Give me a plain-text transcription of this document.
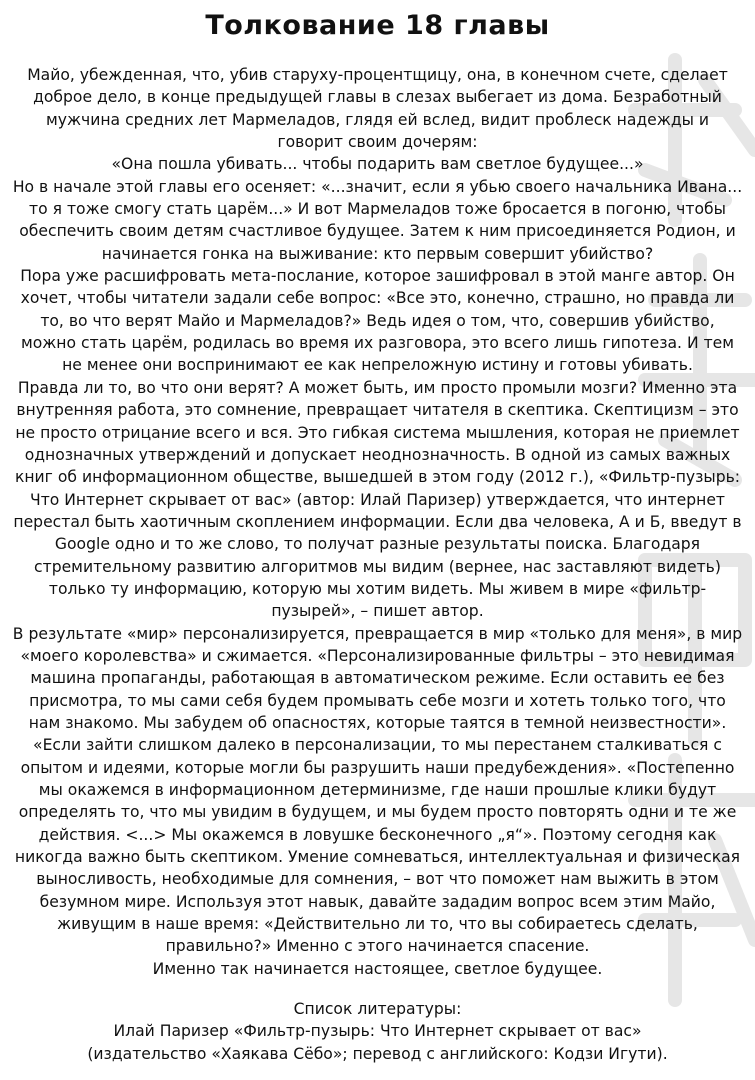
Толкование 18 главы

Майо, убежденная, что, убив старуху-процентщицу, она, в конечном счете, сделает доброе дело, в конце предыдущей главы в слезах выбегает из дома. Безработный мужчина средних лет Мармеладов, глядя ей вслед, видит проблеск надежды и говорит своим дочерям:

«Она пошла убивать... чтобы подарить вам светлое будущее...»

Но в начале этой главы его осеняет: «...значит, если я убью своего начальника Ивана... то я тоже смогу стать царём...» И вот Мармеладов тоже бросается в погоню, чтобы обеспечить своим детям счастливое будущее. Затем к ним присоединяется Родион, и начинается гонка на выживание: кто первым совершит убийство?

Пора уже расшифровать мета-послание, которое зашифровал в этой манге автор. Он хочет, чтобы читатели задали себе вопрос: «Все это, конечно, страшно, но правда ли то, во что верят Майо и Мармеладов?» Ведь идея о том, что, совершив убийство, можно стать царём, родилась во время их разговора, это всего лишь гипотеза. И тем не менее они воспринимают ее как непреложную истину и готовы убивать.

Правда ли то, во что они верят? А может быть, им просто промыли мозги? Именно эта внутренняя работа, это сомнение, превращает читателя в скептика. Скептицизм – это не просто отрицание всего и вся. Это гибкая система мышления, которая не приемлет однозначных утверждений и допускает неоднозначность. В одной из самых важных книг об информационном обществе, вышедшей в этом году (2012 г.), «Фильтр-пузырь: Что Интернет скрывает от вас» (автор: Илай Паризер) утверждается, что интернет перестал быть хаотичным скоплением информации. Если два человека, А и Б, введут в Google одно и то же слово, то получат разные результаты поиска. Благодаря стремительному развитию алгоритмов мы видим (вернее, нас заставляют видеть) только ту информацию, которую мы хотим видеть. Мы живем в мире «фильтр-пузырей», – пишет автор.

В результате «мир» персонализируется, превращается в мир «только для меня», в мир «моего королевства» и сжимается. «Персонализированные фильтры – это невидимая машина пропаганды, работающая в автоматическом режиме. Если оставить ее без присмотра, то мы сами себя будем промывать себе мозги и хотеть только того, что нам знакомо. Мы забудем об опасностях, которые таятся в темной неизвестности». «Если зайти слишком далеко в персонализации, то мы перестанем сталкиваться с опытом и идеями, которые могли бы разрушить наши предубеждения». «Постепенно мы окажемся в информационном детерминизме, где наши прошлые клики будут определять то, что мы увидим в будущем, и мы будем просто повторять одни и те же действия. <...> Мы окажемся в ловушке бесконечного „я“». Поэтому сегодня как никогда важно быть скептиком. Умение сомневаться, интеллектуальная и физическая выносливость, необходимые для сомнения, – вот что поможет нам выжить в этом безумном мире. Используя этот навык, давайте зададим вопрос всем этим Майо, живущим в наше время: «Действительно ли то, что вы собираетесь сделать, правильно?» Именно с этого начинается спасение.

Именно так начинается настоящее, светлое будущее.

Список литературы:

Илай Паризер «Фильтр-пузырь: Что Интернет скрывает от вас»

(издательство «Хаякава Сёбо»; перевод с английского: Кодзи Игути).
